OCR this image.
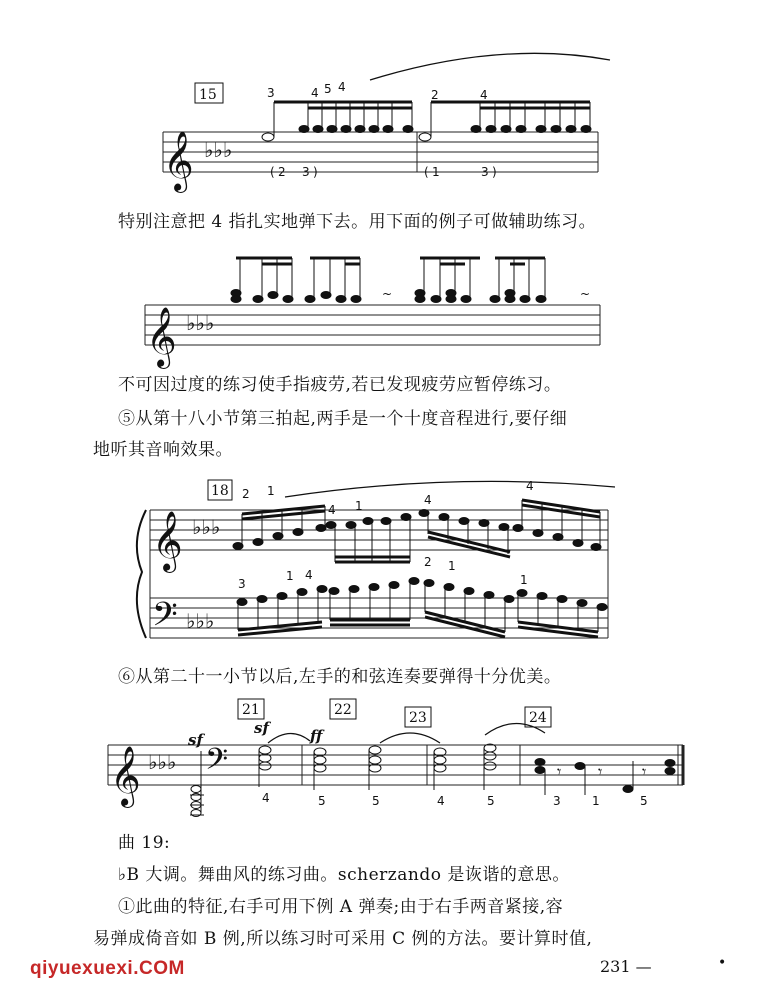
15
𝄞 ♭♭♭
3	4 5 4
2	4
( 2 3 )	( 1	3 )
特别注意把 4 指扎实地弹下去。用下面的例子可做辅助练习。
𝄞 ♭♭♭
~	~
不可因过度的练习使手指疲劳,若已发现疲劳应暂停练习。
⑤从第十八小节第三拍起,两手是一个十度音程进行,要仔细
地听其音响效果。
18
𝄞 ♭♭♭
𝄢 ♭♭♭
2 1
4 1	4
4
3
1 4
2 1
1
⑥从第二十一小节以后,左手的和弦连奏要弹得十分优美。
𝄞 ♭♭♭ 𝄢
21	22	23	24
sf
sf	ff
𝄾 𝄾 𝄾
4	5	5	4	5	3	1	5
曲 19:
♭B 大调。舞曲风的练习曲。scherzando 是诙谐的意思。
①此曲的特征,右手可用下例 A 弹奏;由于右手两音紧接,容
易弹成倚音如 B 例,所以练习时可采用 C 例的方法。要计算时值,
qiyuexuexi.COM	231 —	•
